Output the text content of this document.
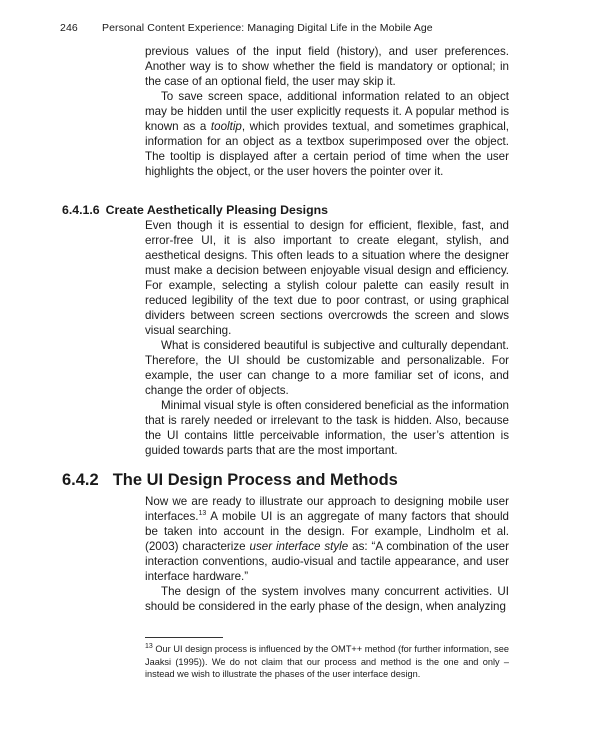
246 Personal Content Experience: Managing Digital Life in the Mobile Age

previous values of the input field (history), and user preferences. Another way is to show whether the field is mandatory or optional; in the case of an optional field, the user may skip it.

To save screen space, additional information related to an object may be hidden until the user explicitly requests it. A popular method is known as a tooltip, which provides textual, and sometimes graphical, information for an object as a textbox superimposed over the object. The tooltip is displayed after a certain period of time when the user highlights the object, or the user hovers the pointer over it.

6.4.1.6 Create Aesthetically Pleasing Designs

Even though it is essential to design for efficient, flexible, fast, and error-free UI, it is also important to create elegant, stylish, and aesthetical designs. This often leads to a situation where the designer must make a decision between enjoyable visual design and efficiency. For example, selecting a stylish colour palette can easily result in reduced legibility of the text due to poor contrast, or using graphical dividers between screen sections overcrowds the screen and slows visual searching.

What is considered beautiful is subjective and culturally dependant. Therefore, the UI should be customizable and personalizable. For example, the user can change to a more familiar set of icons, and change the order of objects.

Minimal visual style is often considered beneficial as the information that is rarely needed or irrelevant to the task is hidden. Also, because the UI contains little perceivable information, the user’s attention is guided towards parts that are the most important.

6.4.2 The UI Design Process and Methods

Now we are ready to illustrate our approach to designing mobile user interfaces.$^{13}$ A mobile UI is an aggregate of many factors that should be taken into account in the design. For example, Lindholm et al. (2003) characterize user interface style as: “A combination of the user interaction conventions, audio-visual and tactile appearance, and user interface hardware.”

The design of the system involves many concurrent activities. UI should be considered in the early phase of the design, when analyzing

$^{13}$ Our UI design process is influenced by the OMT++ method (for further information, see Jaaksi (1995)). We do not claim that our process and method is the one and only – instead we wish to illustrate the phases of the user interface design.
